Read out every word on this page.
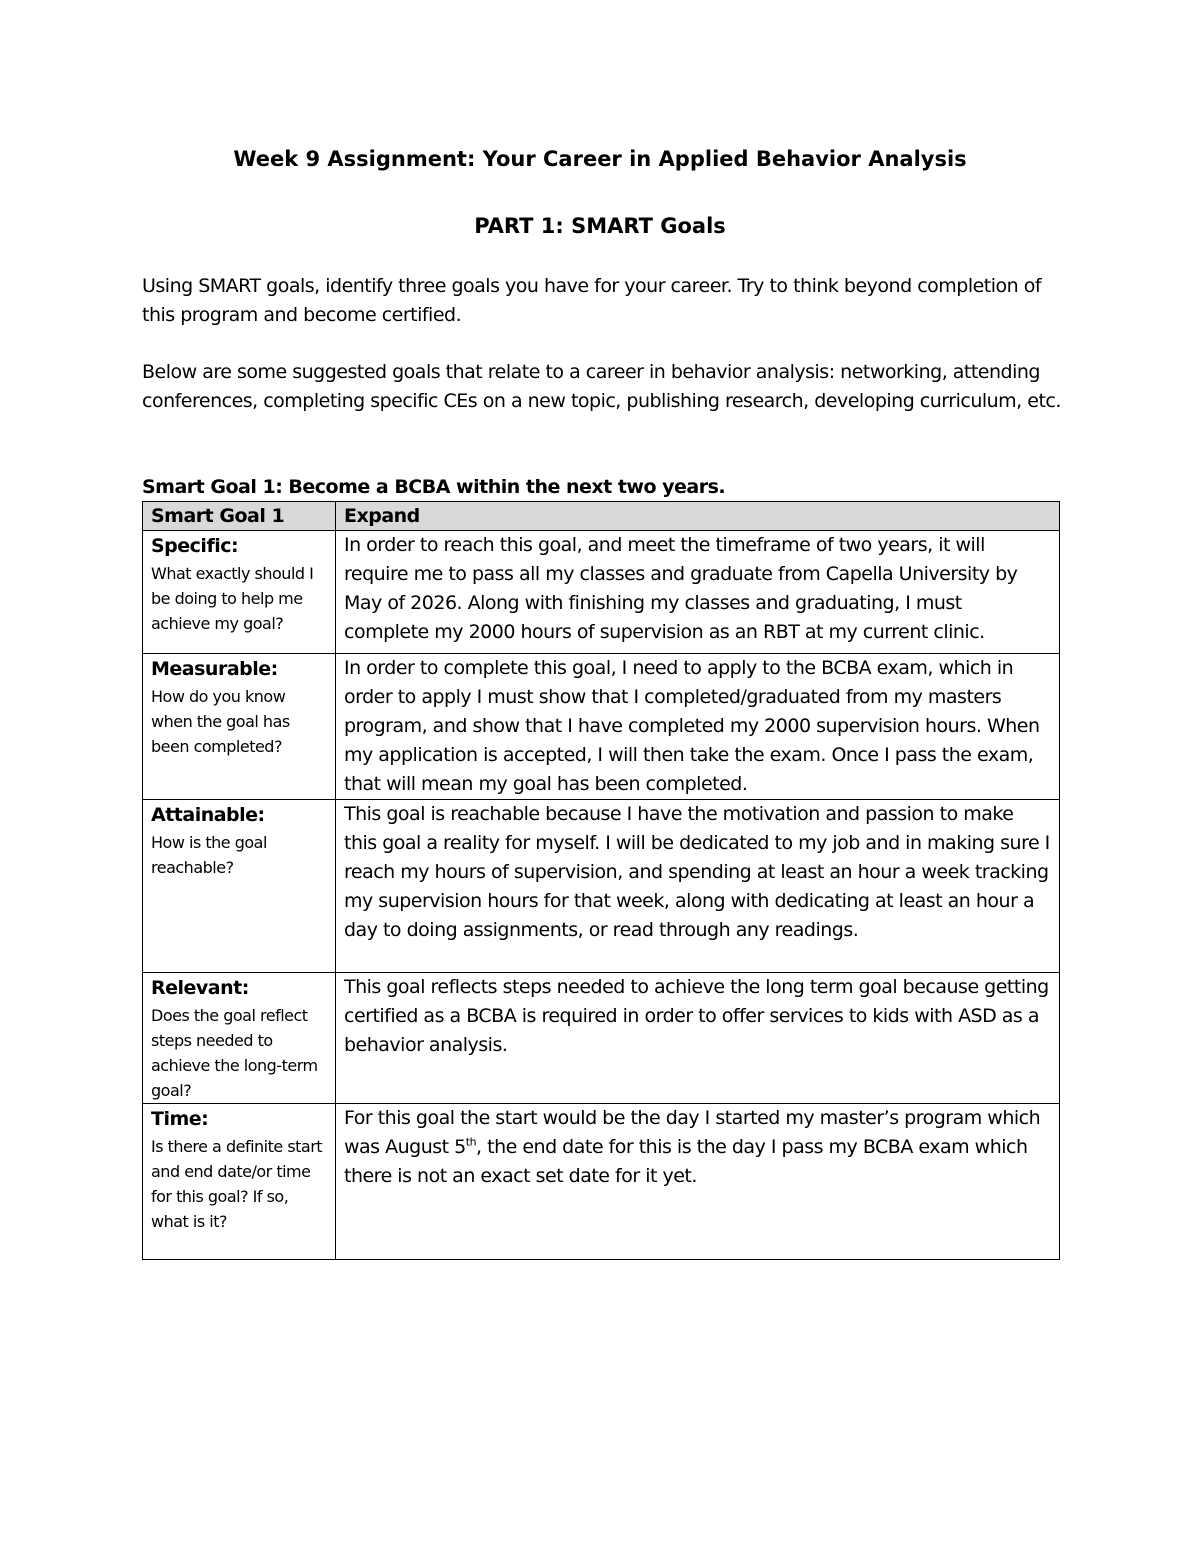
Week 9 Assignment: Your Career in Applied Behavior Analysis
PART 1: SMART Goals
Using SMART goals, identify three goals you have for your career. Try to think beyond completion of this program and become certified.
Below are some suggested goals that relate to a career in behavior analysis: networking, attending conferences, completing specific CEs on a new topic, publishing research, developing curriculum, etc.
Smart Goal 1: Become a BCBA within the next two years.
Smart Goal 1	Expand

Specific:
What exactly should I be doing to help me achieve my goal?	In order to reach this goal, and meet the timeframe of two years, it will require me to pass all my classes and graduate from Capella University by May of 2026. Along with finishing my classes and graduating, I must complete my 2000 hours of supervision as an RBT at my current clinic.

Measurable:
How do you know when the goal has been completed?	In order to complete this goal, I need to apply to the BCBA exam, which in order to apply I must show that I completed/graduated from my masters program, and show that I have completed my 2000 supervision hours. When my application is accepted, I will then take the exam. Once I pass the exam, that will mean my goal has been completed.

Attainable:
How is the goal reachable?	This goal is reachable because I have the motivation and passion to make this goal a reality for myself. I will be dedicated to my job and in making sure I reach my hours of supervision, and spending at least an hour a week tracking my supervision hours for that week, along with dedicating at least an hour a day to doing assignments, or read through any readings.

Relevant:
Does the goal reflect steps needed to achieve the long-term goal?	This goal reflects steps needed to achieve the long term goal because getting certified as a BCBA is required in order to offer services to kids with ASD as a behavior analysis.

Time:
Is there a definite start and end date/or time for this goal? If so, what is it?	For this goal the start would be the day I started my master’s program which was August 5th, the end date for this is the day I pass my BCBA exam which there is not an exact set date for it yet.
